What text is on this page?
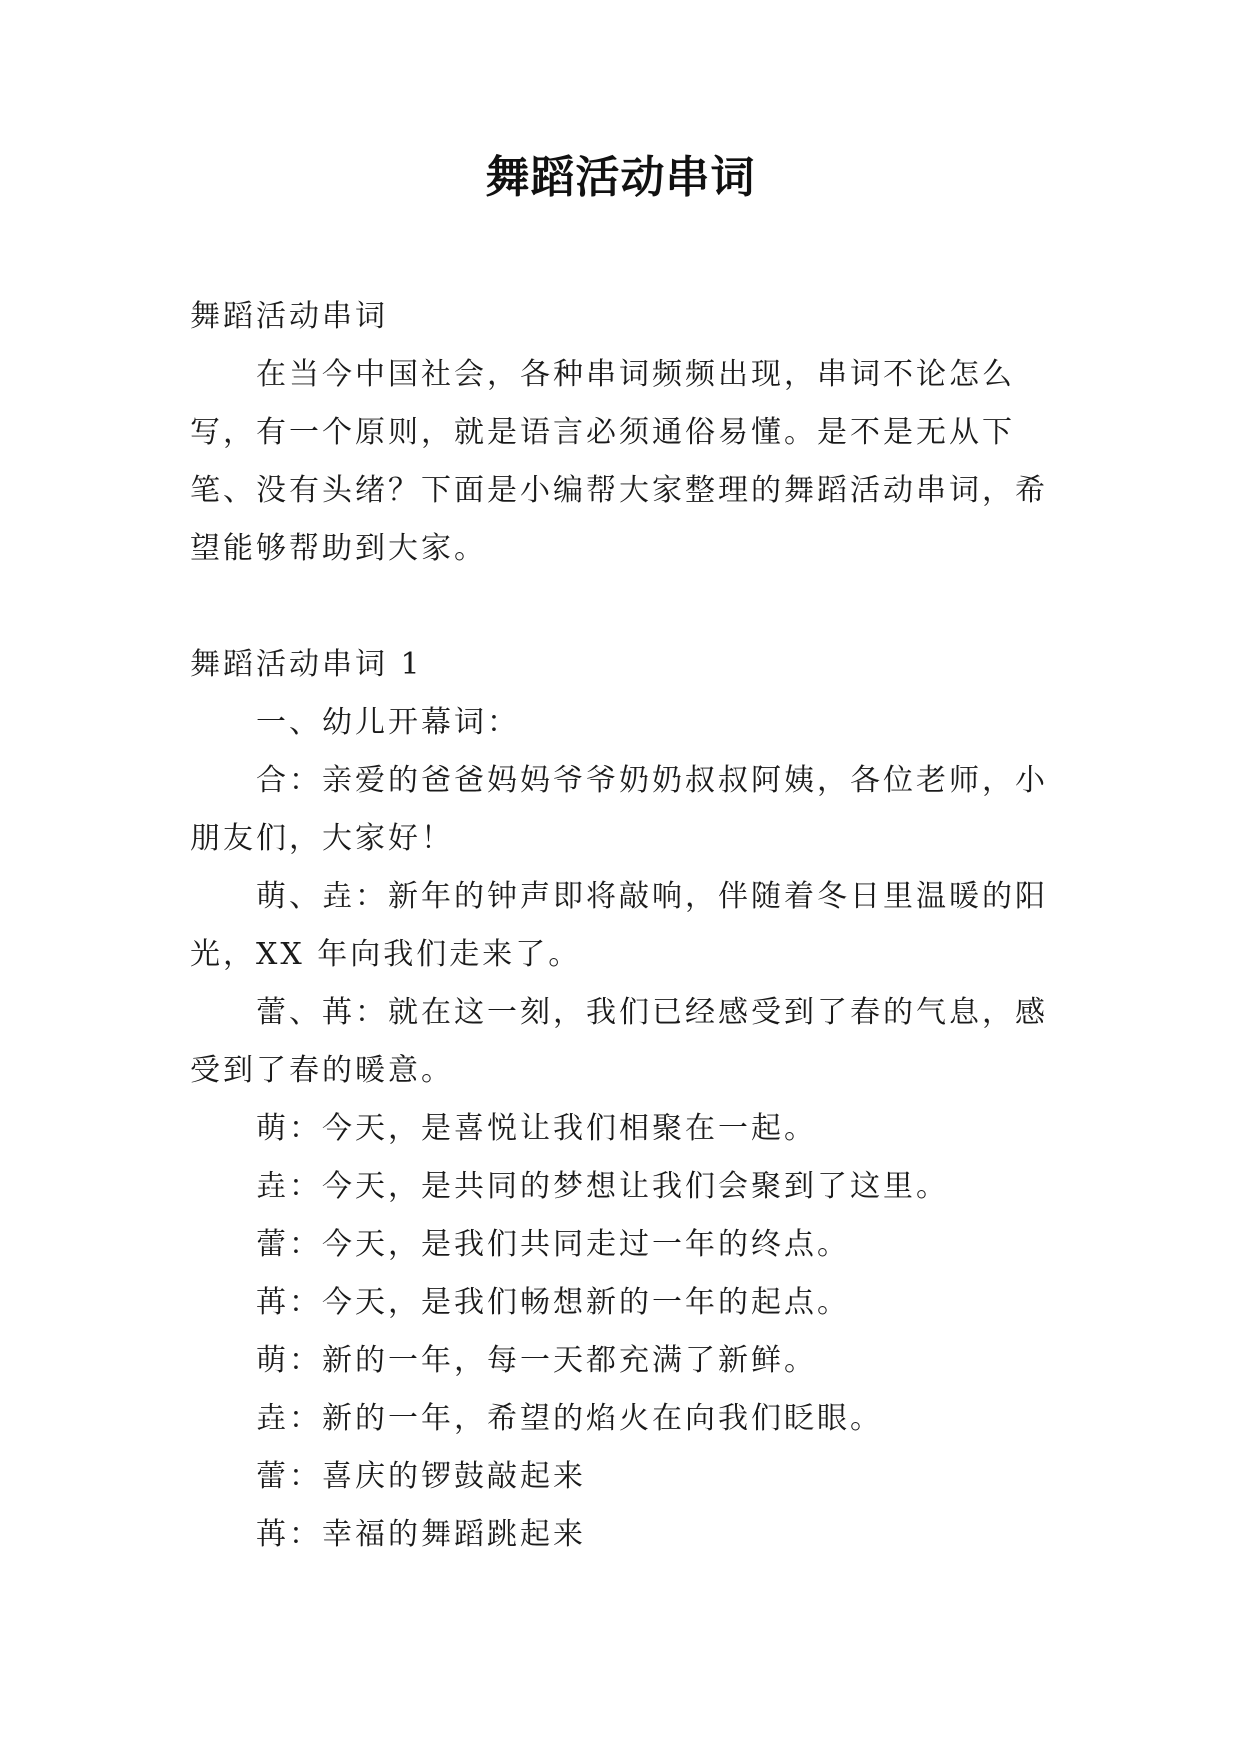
舞蹈活动串词

舞蹈活动串词

在当今中国社会，各种串词频频出现，串词不论怎么写，有一个原则，就是语言必须通俗易懂。是不是无从下笔、没有头绪？下面是小编帮大家整理的舞蹈活动串词，希望能够帮助到大家。

舞蹈活动串词 1

一、幼儿开幕词：

合：亲爱的爸爸妈妈爷爷奶奶叔叔阿姨，各位老师，小朋友们，大家好！

萌、垚：新年的钟声即将敲响，伴随着冬日里温暖的阳光，XX 年向我们走来了。

蕾、苒：就在这一刻，我们已经感受到了春的气息，感受到了春的暖意。

萌：今天，是喜悦让我们相聚在一起。

垚：今天，是共同的梦想让我们会聚到了这里。

蕾：今天，是我们共同走过一年的终点。

苒：今天，是我们畅想新的一年的起点。

萌：新的一年，每一天都充满了新鲜。

垚：新的一年，希望的焰火在向我们眨眼。

蕾：喜庆的锣鼓敲起来

苒：幸福的舞蹈跳起来
